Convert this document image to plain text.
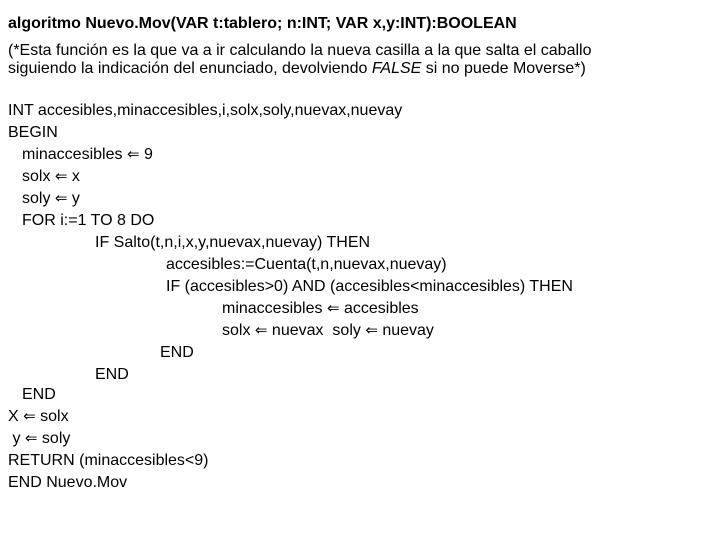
algoritmo Nuevo.Mov(VAR t:tablero; n:INT; VAR x,y:INT):BOOLEAN
(*Esta función es la que va a ir calculando la nueva casilla a la que salta el caballo
siguiendo la indicación del enunciado, devolviendo FALSE si no puede Moverse*)
INT accesibles,minaccesibles,i,solx,soly,nuevax,nuevay
BEGIN
minaccesibles ⇐ 9
solx ⇐ x
soly ⇐ y
FOR i:=1 TO 8 DO
IF Salto(t,n,i,x,y,nuevax,nuevay) THEN
accesibles:=Cuenta(t,n,nuevax,nuevay)
IF (accesibles>0) AND (accesibles<minaccesibles) THEN
minaccesibles ⇐ accesibles
solx ⇐ nuevax  soly ⇐ nuevay
END
END
END
X ⇐ solx
y ⇐ soly
RETURN (minaccesibles<9)
END Nuevo.Mov
